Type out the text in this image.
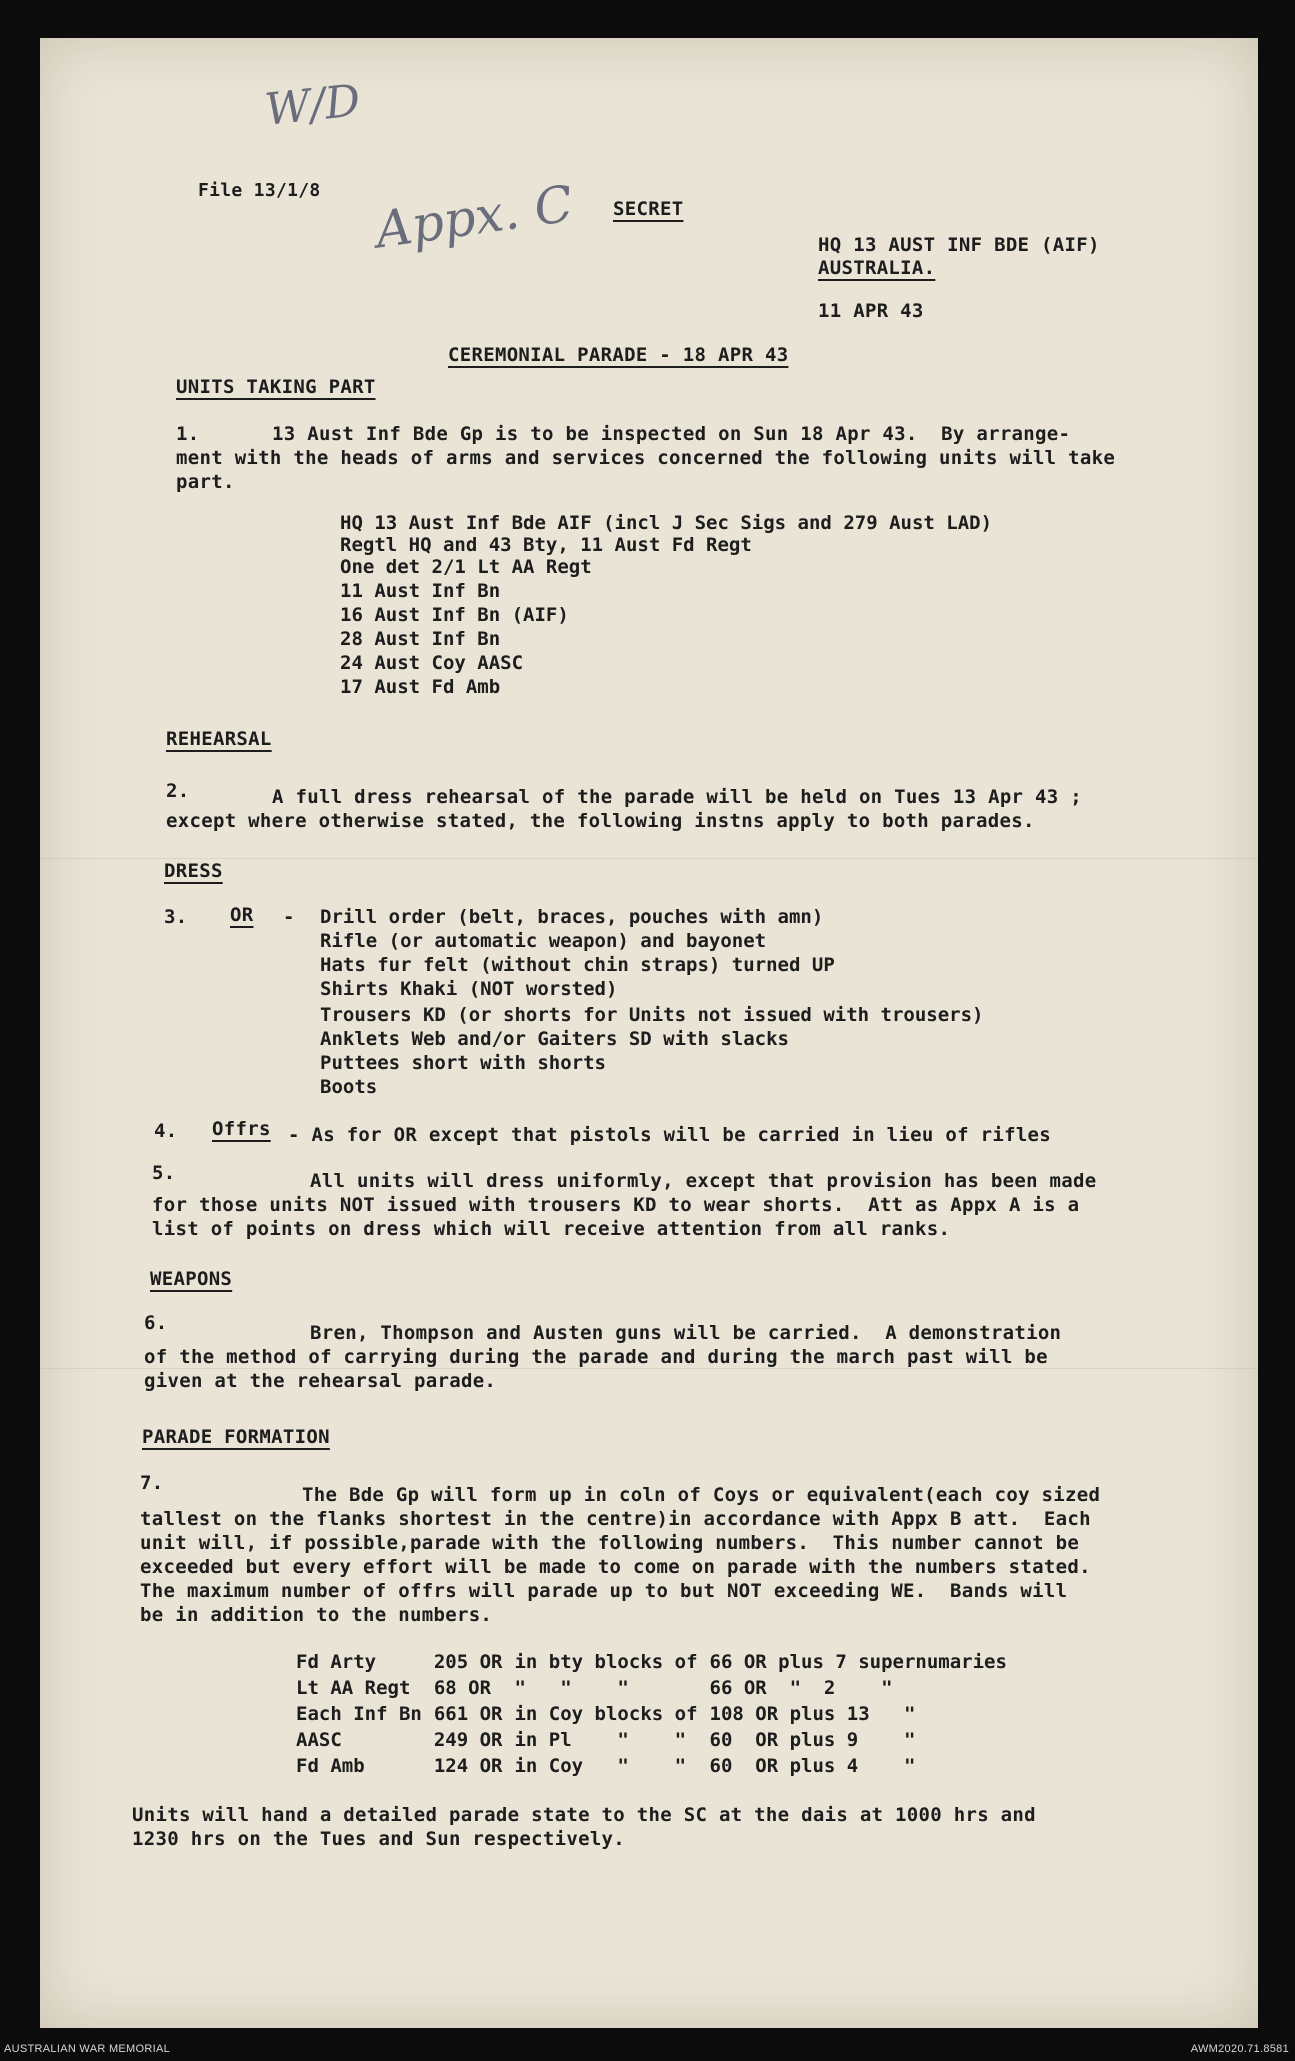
W/D
File 13/1/8 Appx. C SECRET
HQ 13 AUST INF BDE (AIF)
AUSTRALIA.
11 APR 43
CEREMONIAL PARADE - 18 APR 43
UNITS TAKING PART
1.	13 Aust Inf Bde Gp is to be inspected on Sun 18 Apr 43.  By arrange-
ment with the heads of arms and services concerned the following units will take
part.
HQ 13 Aust Inf Bde AIF (incl J Sec Sigs and 279 Aust LAD)
Regtl HQ and 43 Bty, 11 Aust Fd Regt
One det 2/1 Lt AA Regt
11 Aust Inf Bn
16 Aust Inf Bn (AIF)
28 Aust Inf Bn
24 Aust Coy AASC
17 Aust Fd Amb
REHEARSAL
2.	A full dress rehearsal of the parade will be held on Tues 13 Apr 43 ;
except where otherwise stated, the following instns apply to both parades.
DRESS
3. OR - Drill order (belt, braces, pouches with amn)
Rifle (or automatic weapon) and bayonet
Hats fur felt (without chin straps) turned UP
Shirts Khaki (NOT worsted)
Trousers KD (or shorts for Units not issued with trousers)
Anklets Web and/or Gaiters SD with slacks
Puttees short with shorts
Boots
4. Offrs - As for OR except that pistols will be carried in lieu of rifles
5.	All units will dress uniformly, except that provision has been made
for those units NOT issued with trousers KD to wear shorts.  Att as Appx A is a
list of points on dress which will receive attention from all ranks.
WEAPONS
6.	Bren, Thompson and Austen guns will be carried.  A demonstration
of the method of carrying during the parade and during the march past will be
given at the rehearsal parade.
PARADE FORMATION
7.
The Bde Gp will form up in coln of Coys or equivalent(each coy sized
tallest on the flanks shortest in the centre)in accordance with Appx B att.  Each
unit will, if possible,parade with the following numbers.  This number cannot be
exceeded but every effort will be made to come on parade with the numbers stated.
The maximum number of offrs will parade up to but NOT exceeding WE.  Bands will
be in addition to the numbers.
Fd Arty	205 OR	in bty blocks of	66 OR plus 7 supernumaries
Lt AA Regt	68 OR	"   "    "	66 OR  "  2    "
Each Inf Bn	661 OR	in Coy blocks of	108 OR plus 13   "
AASC	249 OR	in Pl    "    "	60  OR plus 9    "
Fd Amb	124 OR	in Coy   "    "	60  OR plus 4    "
Units will hand a detailed parade state to the SC at the dais at 1000 hrs and
1230 hrs on the Tues and Sun respectively.
AUSTRALIAN WAR MEMORIAL	AWM2020.71.8581
